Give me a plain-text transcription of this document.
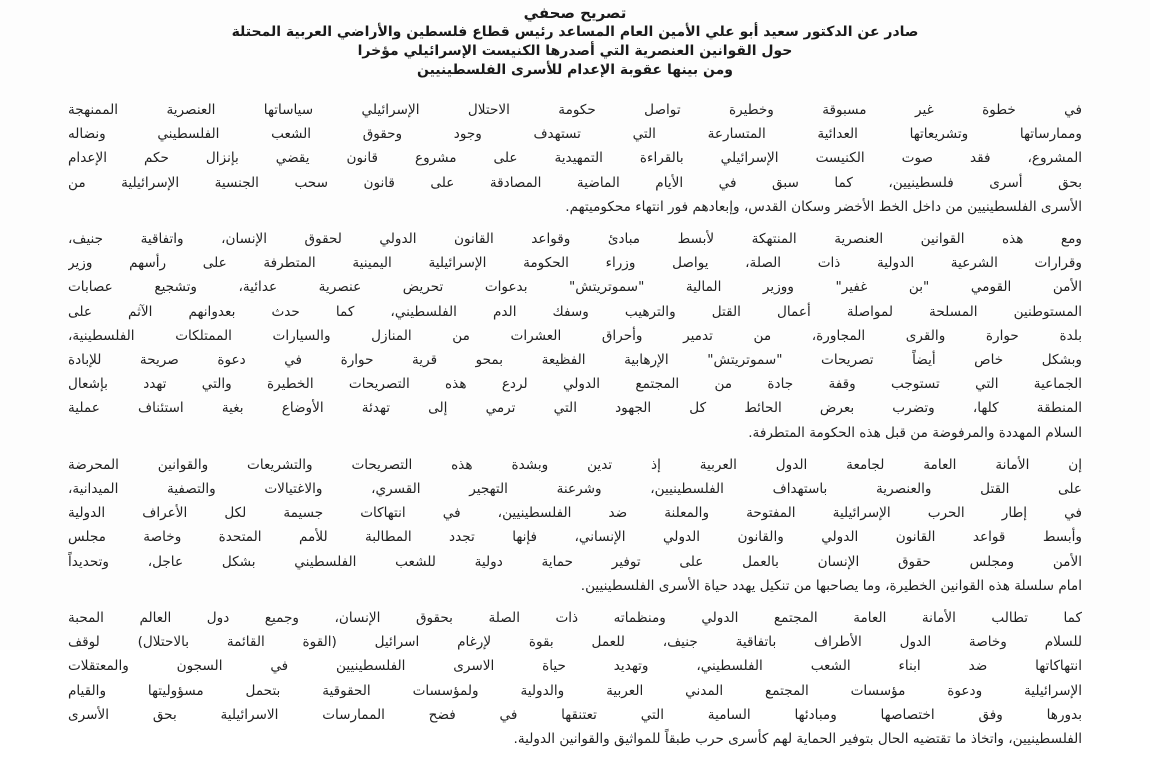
تصريح صحفي

صادر عن الدكتور سعيد أبو علي الأمين العام المساعد رئيس قطاع فلسطين والأراضي العربية المحتلة

حول القوانين العنصرية التي أصدرها الكنيست الإسرائيلي مؤخرا

ومن بينها عقوبة الإعدام للأسرى الفلسطينيين

في خطوة غير مسبوقة وخطيرة تواصل حكومة الاحتلال الإسرائيلي سياساتها العنصرية الممنهجة
وممارساتها وتشريعاتها العدائية المتسارعة التي تستهدف وجود وحقوق الشعب الفلسطيني ونضاله
المشروع، فقد صوت الكنيست الإسرائيلي بالقراءة التمهيدية على مشروع قانون يقضي بإنزال حكم الإعدام
بحق أسرى فلسطينيين، كما سبق في الأيام الماضية المصادقة على قانون سحب الجنسية الإسرائيلية من
الأسرى الفلسطينيين من داخل الخط الأخضر وسكان القدس، وإبعادهم فور انتهاء محكوميتهم.
ومع هذه القوانين العنصرية المنتهكة لأبسط مبادئ وقواعد القانون الدولي لحقوق الإنسان، واتفاقية جنيف،
وقرارات الشرعية الدولية ذات الصلة، يواصل وزراء الحكومة الإسرائيلية اليمينية المتطرفة على رأسهم وزير
الأمن القومي "بن غفير" ووزير المالية "سموتريتش" بدعوات تحريض عنصرية عدائية، وتشجيع عصابات
المستوطنين المسلحة لمواصلة أعمال القتل والترهيب وسفك الدم الفلسطيني، كما حدث بعدوانهم الآثم على
بلدة حوارة والقرى المجاورة، من تدمير وأحراق العشرات من المنازل والسيارات الممتلكات الفلسطينية،
وبشكل خاص أيضاً تصريحات "سموتريتش" الإرهابية الفظيعة بمحو قرية حوارة في دعوة صريحة للإبادة
الجماعية التي تستوجب وقفة جادة من المجتمع الدولي لردع هذه التصريحات الخطيرة والتي تهدد بإشعال
المنطقة كلها، وتضرب بعرض الحائط كل الجهود التي ترمي إلى تهدئة الأوضاع بغية استئناف عملية
السلام المهددة والمرفوضة من قبل هذه الحكومة المتطرفة.
إن الأمانة العامة لجامعة الدول العربية إذ تدين وبشدة هذه التصريحات والتشريعات والقوانين المحرضة
على القتل والعنصرية باستهداف الفلسطينيين، وشرعنة التهجير القسري، والاغتيالات والتصفية الميدانية،
في إطار الحرب الإسرائيلية المفتوحة والمعلنة ضد الفلسطينيين، في انتهاكات جسيمة لكل الأعراف الدولية
وأبسط قواعد القانون الدولي والقانون الدولي الإنساني، فإنها تجدد المطالبة للأمم المتحدة وخاصة مجلس
الأمن ومجلس حقوق الإنسان بالعمل على توفير حماية دولية للشعب الفلسطيني بشكل عاجل، وتحديداً
امام سلسلة هذه القوانين الخطيرة، وما يصاحبها من تنكيل يهدد حياة الأسرى الفلسطينيين.
كما تطالب الأمانة العامة المجتمع الدولي ومنظماته ذات الصلة بحقوق الإنسان، وجميع دول العالم المحبة
للسلام وخاصة الدول الأطراف باتفاقية جنيف، للعمل بقوة لإرغام اسرائيل (القوة القائمة بالاحتلال) لوقف
انتهاكاتها ضد ابناء الشعب الفلسطيني، وتهديد حياة الاسرى الفلسطينيين في السجون والمعتقلات
الإسرائيلية ودعوة مؤسسات المجتمع المدني العربية والدولية ولمؤسسات الحقوقية بتحمل مسؤوليتها والقيام
بدورها وفق اختصاصها ومبادئها السامية التي تعتنقها في فضح الممارسات الاسرائيلية بحق الأسرى
الفلسطينيين، واتخاذ ما تقتضيه الحال بتوفير الحماية لهم كأسرى حرب طبقاً للمواثيق والقوانين الدولية.
